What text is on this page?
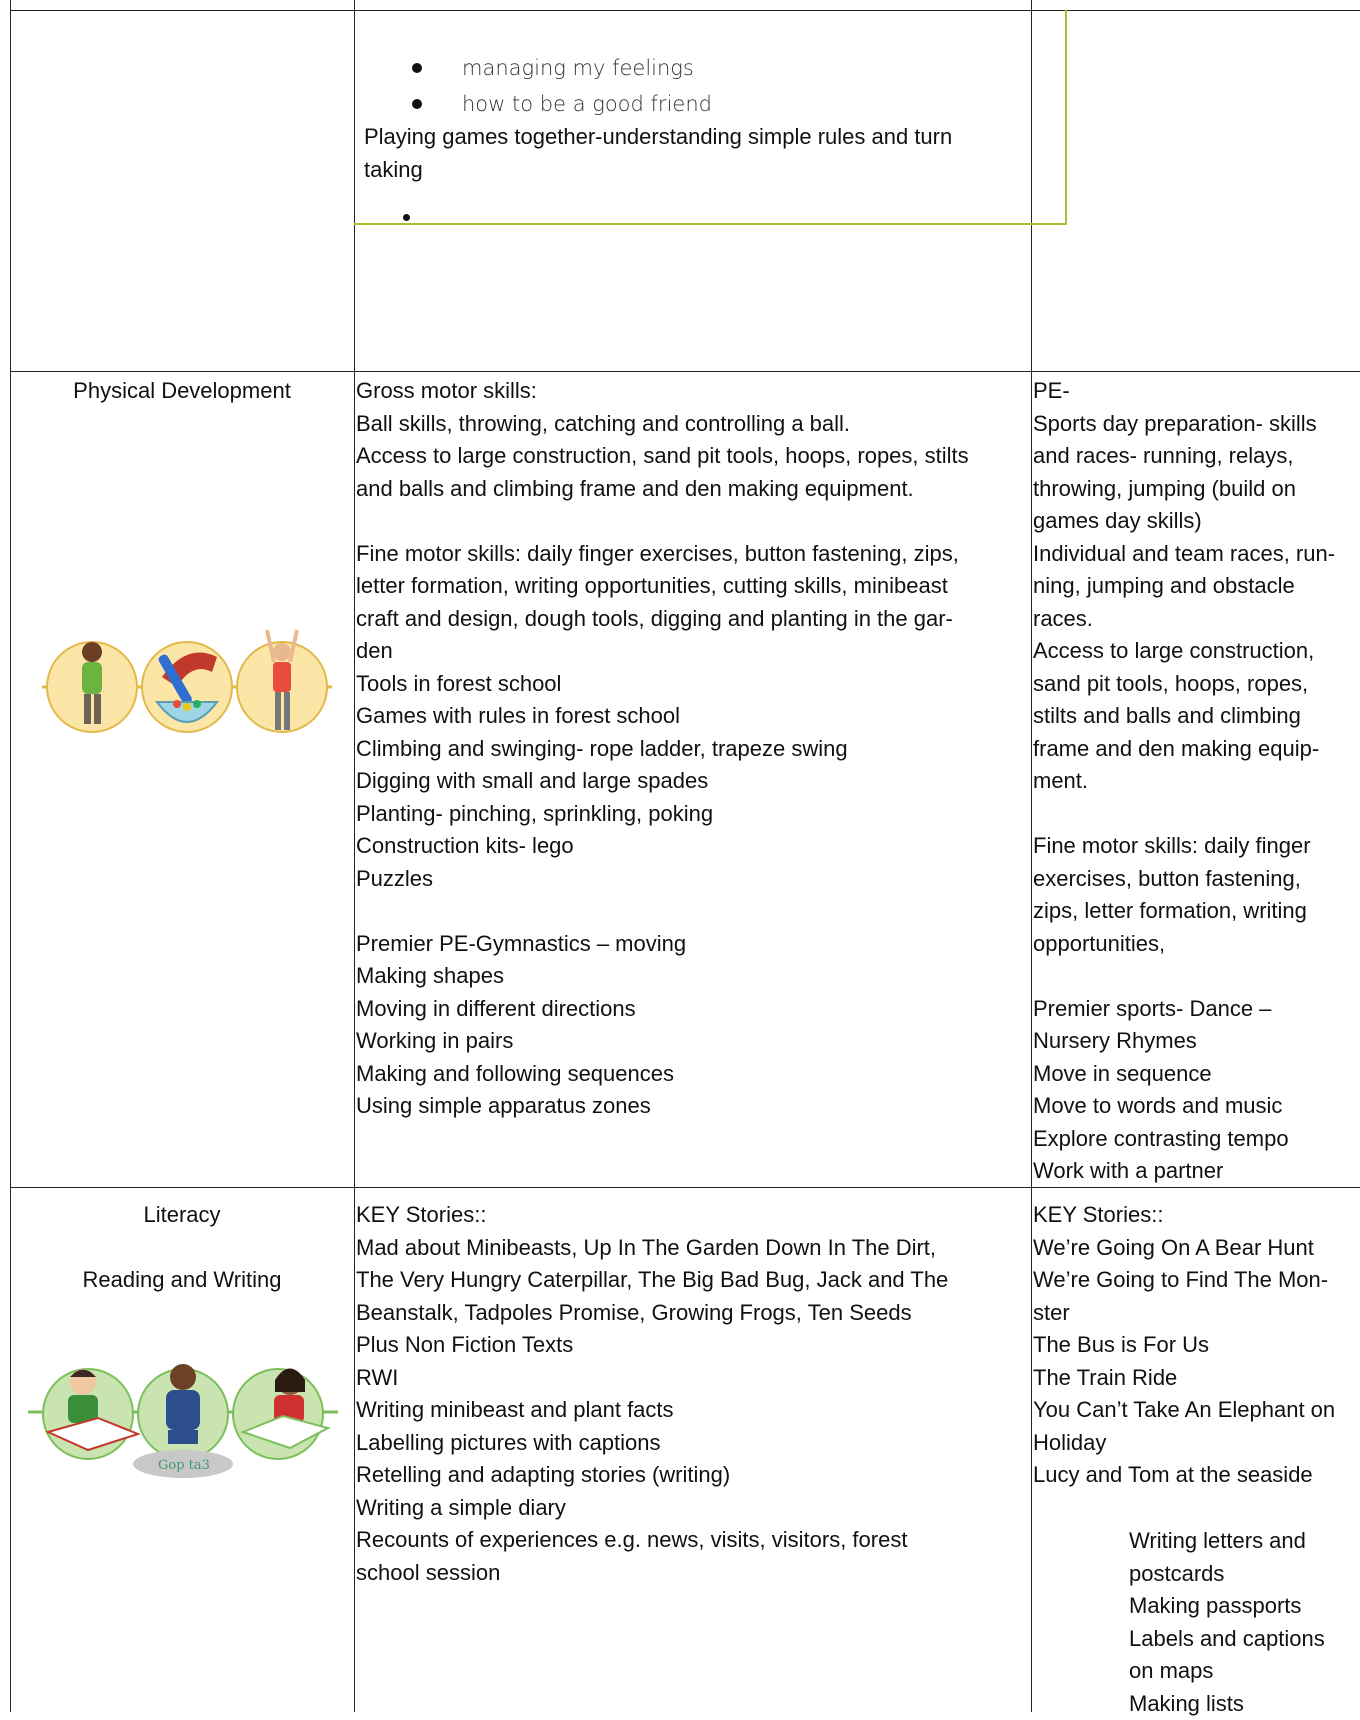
managing my feelings
how to be a good friend
Playing games together-understanding simple rules and turn
taking
Physical Development	Gross motor skills:
Ball skills, throwing, catching and controlling a ball.
Access to large construction, sand pit tools, hoops, ropes, stilts
and balls and climbing frame and den making equipment.
Fine motor skills: daily finger exercises, button fastening, zips,
letter formation, writing opportunities, cutting skills, minibeast
craft and design, dough tools, digging and planting in the gar-
den
Tools in forest school
Games with rules in forest school
Climbing and swinging- rope ladder, trapeze swing
Digging with small and large spades
Planting- pinching, sprinkling, poking
Construction kits- lego
Puzzles
Premier PE-Gymnastics – moving
Making shapes
Moving in different directions
Working in pairs
Making and following sequences
Using simple apparatus zones
PE-
Sports day preparation- skills
and races- running, relays,
throwing, jumping (build on
games day skills)
Individual and team races, run-
ning, jumping and obstacle
races.
Access to large construction,
sand pit tools, hoops, ropes,
stilts and balls and climbing
frame and den making equip-
ment.
Fine motor skills: daily finger
exercises, button fastening,
zips, letter formation, writing
opportunities,
Premier sports- Dance –
Nursery Rhymes
Move in sequence
Move to words and music
Explore contrasting tempo
Work with a partner
Literacy
Reading and Writing
Gop ta3
KEY Stories::
Mad about Minibeasts, Up In The Garden Down In The Dirt,
The Very Hungry Caterpillar, The Big Bad Bug, Jack and The
Beanstalk, Tadpoles Promise, Growing Frogs, Ten Seeds
Plus Non Fiction Texts
RWI
Writing minibeast and plant facts
Labelling pictures with captions
Retelling and adapting stories (writing)
Writing a simple diary
Recounts of experiences e.g. news, visits, visitors, forest
school session
KEY Stories::
We’re Going On A Bear Hunt
We’re Going to Find The Mon-
ster
The Bus is For Us
The Train Ride
You Can’t Take An Elephant on
Holiday
Lucy and Tom at the seaside
Writing letters and
postcards
Making passports
Labels and captions
on maps
Making lists
